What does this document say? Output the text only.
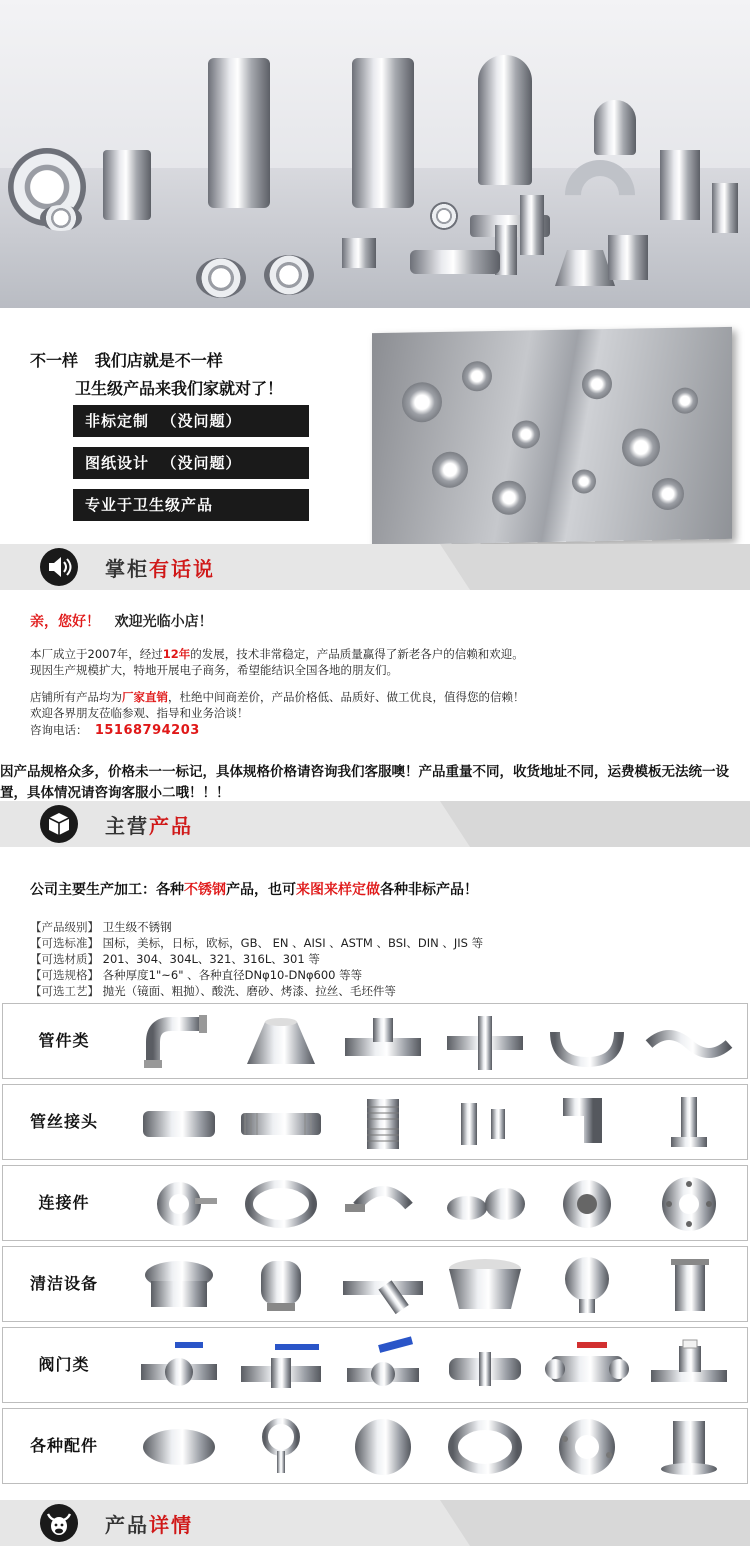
不一样   我们店就是不一样
卫生级产品来我们家就对了！
非标定制  （没问题）
图纸设计  （没问题）
专业于卫生级产品
掌柜有话说
亲，您好！   欢迎光临小店！
本厂成立于2007年，经过12年的发展，技术非常稳定，产品质量赢得了新老各户的信赖和欢迎。
现因生产规模扩大，特地开展电子商务，希望能结识全国各地的朋友们。
店铺所有产品均为厂家直销，杜绝中间商差价，产品价格低、品质好、做工优良，值得您的信赖！
欢迎各界朋友莅临参观、指导和业务洽谈！
咨询电话： 15168794203
因产品规格众多，价格未一一标记，具体规格价格请咨询我们客服噢！产品重量不同，收货地址不同，运费模板无法统一设置，具体情况请咨询客服小二哦！！！
主营产品
公司主要生产加工：各种不锈钢产品，也可来图来样定做各种非标产品！
【产品级别】 卫生级不锈钢
【可选标准】 国标，美标，日标，欧标，GB、 EN 、AISI 、ASTM 、BSI、DIN 、JIS 等
【可选材质】 201、304、304L、321、316L、301 等
【可选规格】 各种厚度1"~6" 、各种直径DNφ10-DNφ600 等等
【可选工艺】 抛光（镜面、粗抛）、酸洗、磨砂、烤漆、拉丝、毛坯件等
管件类
管丝接头
连接件
清洁设备
阀门类
各种配件
产品详情
